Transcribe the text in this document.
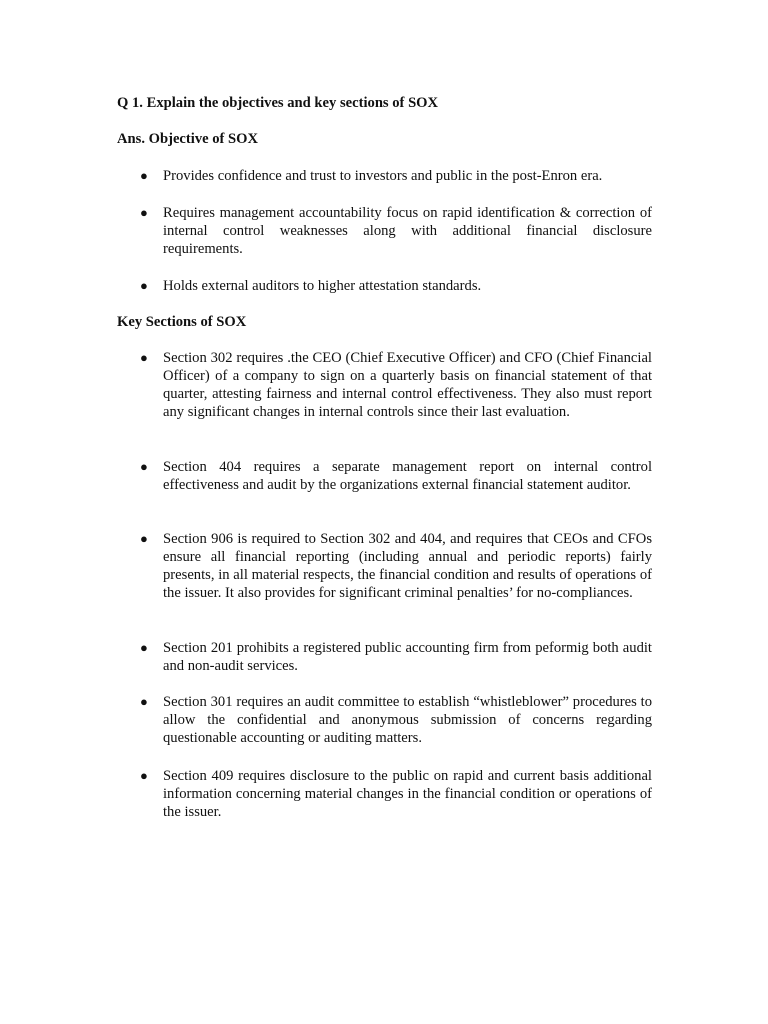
Q 1. Explain the objectives and key sections of SOX
Ans. Objective of SOX
●	Provides confidence and trust to investors and public in the post-Enron era.
●	Requires management accountability focus on rapid identification & correction of internal control weaknesses along with additional financial disclosure requirements.
●	Holds external auditors to higher attestation standards.
Key Sections of SOX
●	Section 302 requires .the CEO (Chief Executive Officer) and CFO (Chief Financial Officer) of a company to sign on a quarterly basis on financial statement of that quarter, attesting fairness and internal control effectiveness. They also must report any significant changes in internal controls since their last evaluation.
●	Section 404 requires a separate management report on internal control effectiveness and audit by the organizations external financial statement auditor.
●	Section 906 is required to Section 302 and 404, and requires that CEOs and CFOs ensure all financial reporting (including annual and periodic reports) fairly presents, in all material respects, the financial condition and results of operations of the issuer. It also provides for significant criminal penalties’ for no-compliances.
●	Section 201 prohibits a registered public accounting firm from peformig both audit and non-audit services.
●	Section 301 requires an audit committee to establish “whistleblower” procedures to allow the confidential and anonymous submission of concerns regarding questionable accounting or auditing matters.
●	Section 409 requires disclosure to the public on rapid and current basis additional information concerning material changes in the financial condition or operations of the issuer.
